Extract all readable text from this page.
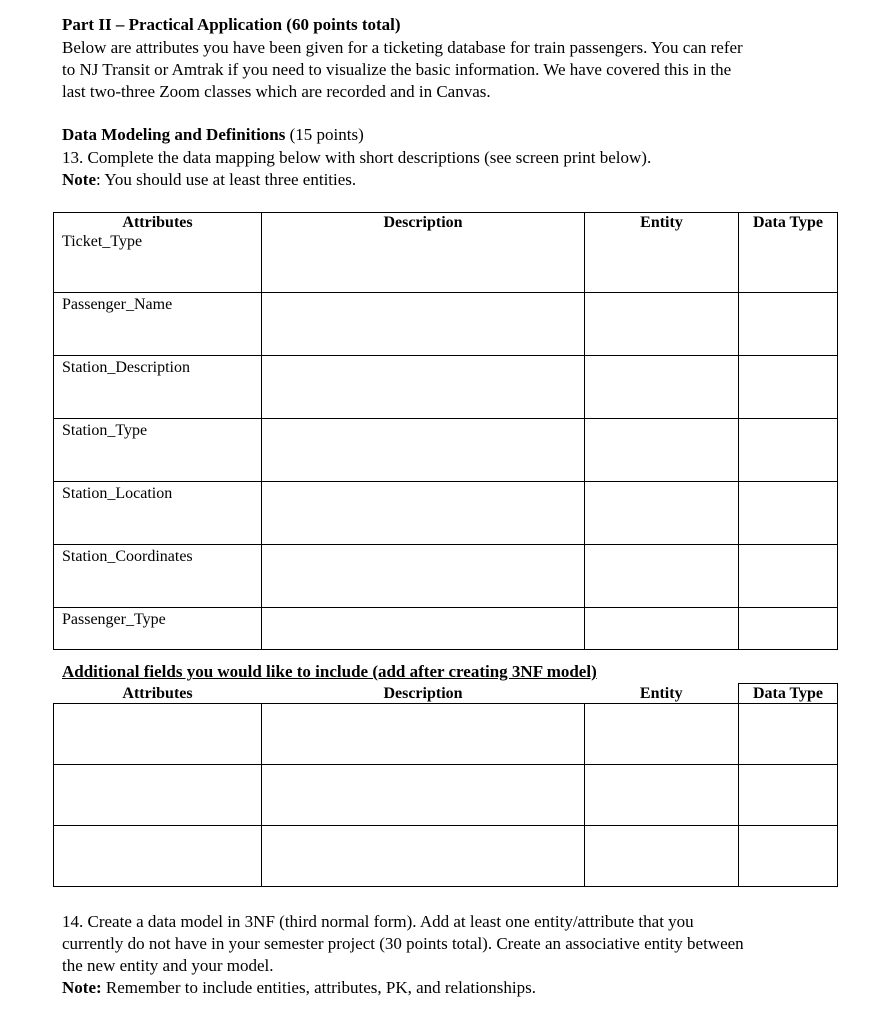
Part II – Practical Application (60 points total)
Below are attributes you have been given for a ticketing database for train passengers. You can refer
to NJ Transit or Amtrak if you need to visualize the basic information. We have covered this in the
last two-three Zoom classes which are recorded and in Canvas.
Data Modeling and Definitions (15 points)
13. Complete the data mapping below with short descriptions (see screen print below).
Note: You should use at least three entities.
Attributes	Description	Entity	Data Type
Ticket_Type			
Passenger_Name			
Station_Description			
Station_Type			
Station_Location			
Station_Coordinates			
Passenger_Type			
Additional fields you would like to include (add after creating 3NF model)
Attributes	Description	Entity	Data Type

14. Create a data model in 3NF (third normal form). Add at least one entity/attribute that you
currently do not have in your semester project (30 points total). Create an associative entity between
the new entity and your model.
Note: Remember to include entities, attributes, PK, and relationships.
